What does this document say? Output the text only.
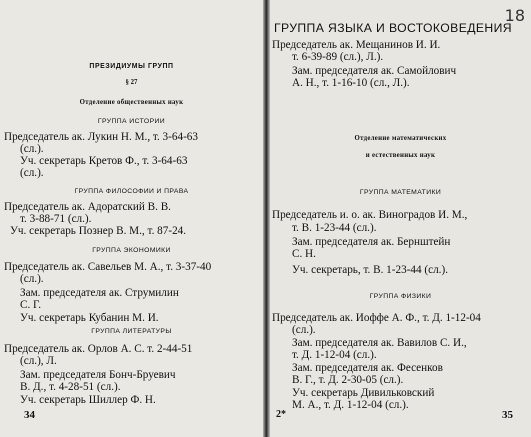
ПРЕЗИДИУМЫ ГРУПП
§ 27
Отделение общественных наук
ГРУППА ИСТОРИИ
Председатель ак. Лукин Н. М., т. 3-64-63
(сл.).
Уч. секретарь Кретов Ф., т. 3-64-63
(сл.).
ГРУППА ФИЛОСОФИИ И ПРАВА
Председатель ак. Адоратский В. В.
т. 3-88-71 (сл.).
Уч. секретарь Познер В. М., т. 87-24.
ГРУППА ЭКОНОМИКИ
Председатель ак. Савельев М. А., т. 3-37-40
(сл.).
Зам. председателя ак. Струмилин
С. Г.
Уч. секретарь Кубанин М. И.
ГРУППА ЛИТЕРАТУРЫ
Председатель ак. Орлов А. С. т. 2-44-51
(сл.), Л.
Зам. председателя Бонч-Бруевич
В. Д., т. 4-28-51 (сл.).
Уч. секретарь Шиллер Ф. Н.
34
ГРУППА ЯЗЫКА И ВОСТОКОВЕДЕНИЯ
Председатель ак. Мещанинов И. И.
т. 6-39-89 (сл.), Л.).
Зам. председателя ак. Самойлович
А. Н., т. 1-16-10 (сл., Л.).
Отделение математических
и естественных наук
ГРУППА МАТЕМАТИКИ
Председатель и. о. ак. Виноградов И. М.,
т. В. 1-23-44 (сл.).
Зам. председателя ак. Бернштейн
С. Н.
Уч. секретарь, т. В. 1-23-44 (сл.).
ГРУППА ФИЗИКИ
Председатель ак. Иоффе А. Ф., т. Д. 1-12-04
(сл.).
Зам. председателя ак. Вавилов С. И.,
т. Д. 1-12-04 (сл.).
Зам. председателя ак. Фесенков
В. Г., т. Д. 2-30-05 (сл.).
Уч. секретарь Дивильковский
М. А., т. Д. 1-12-04 (сл.).
2*	35
18
